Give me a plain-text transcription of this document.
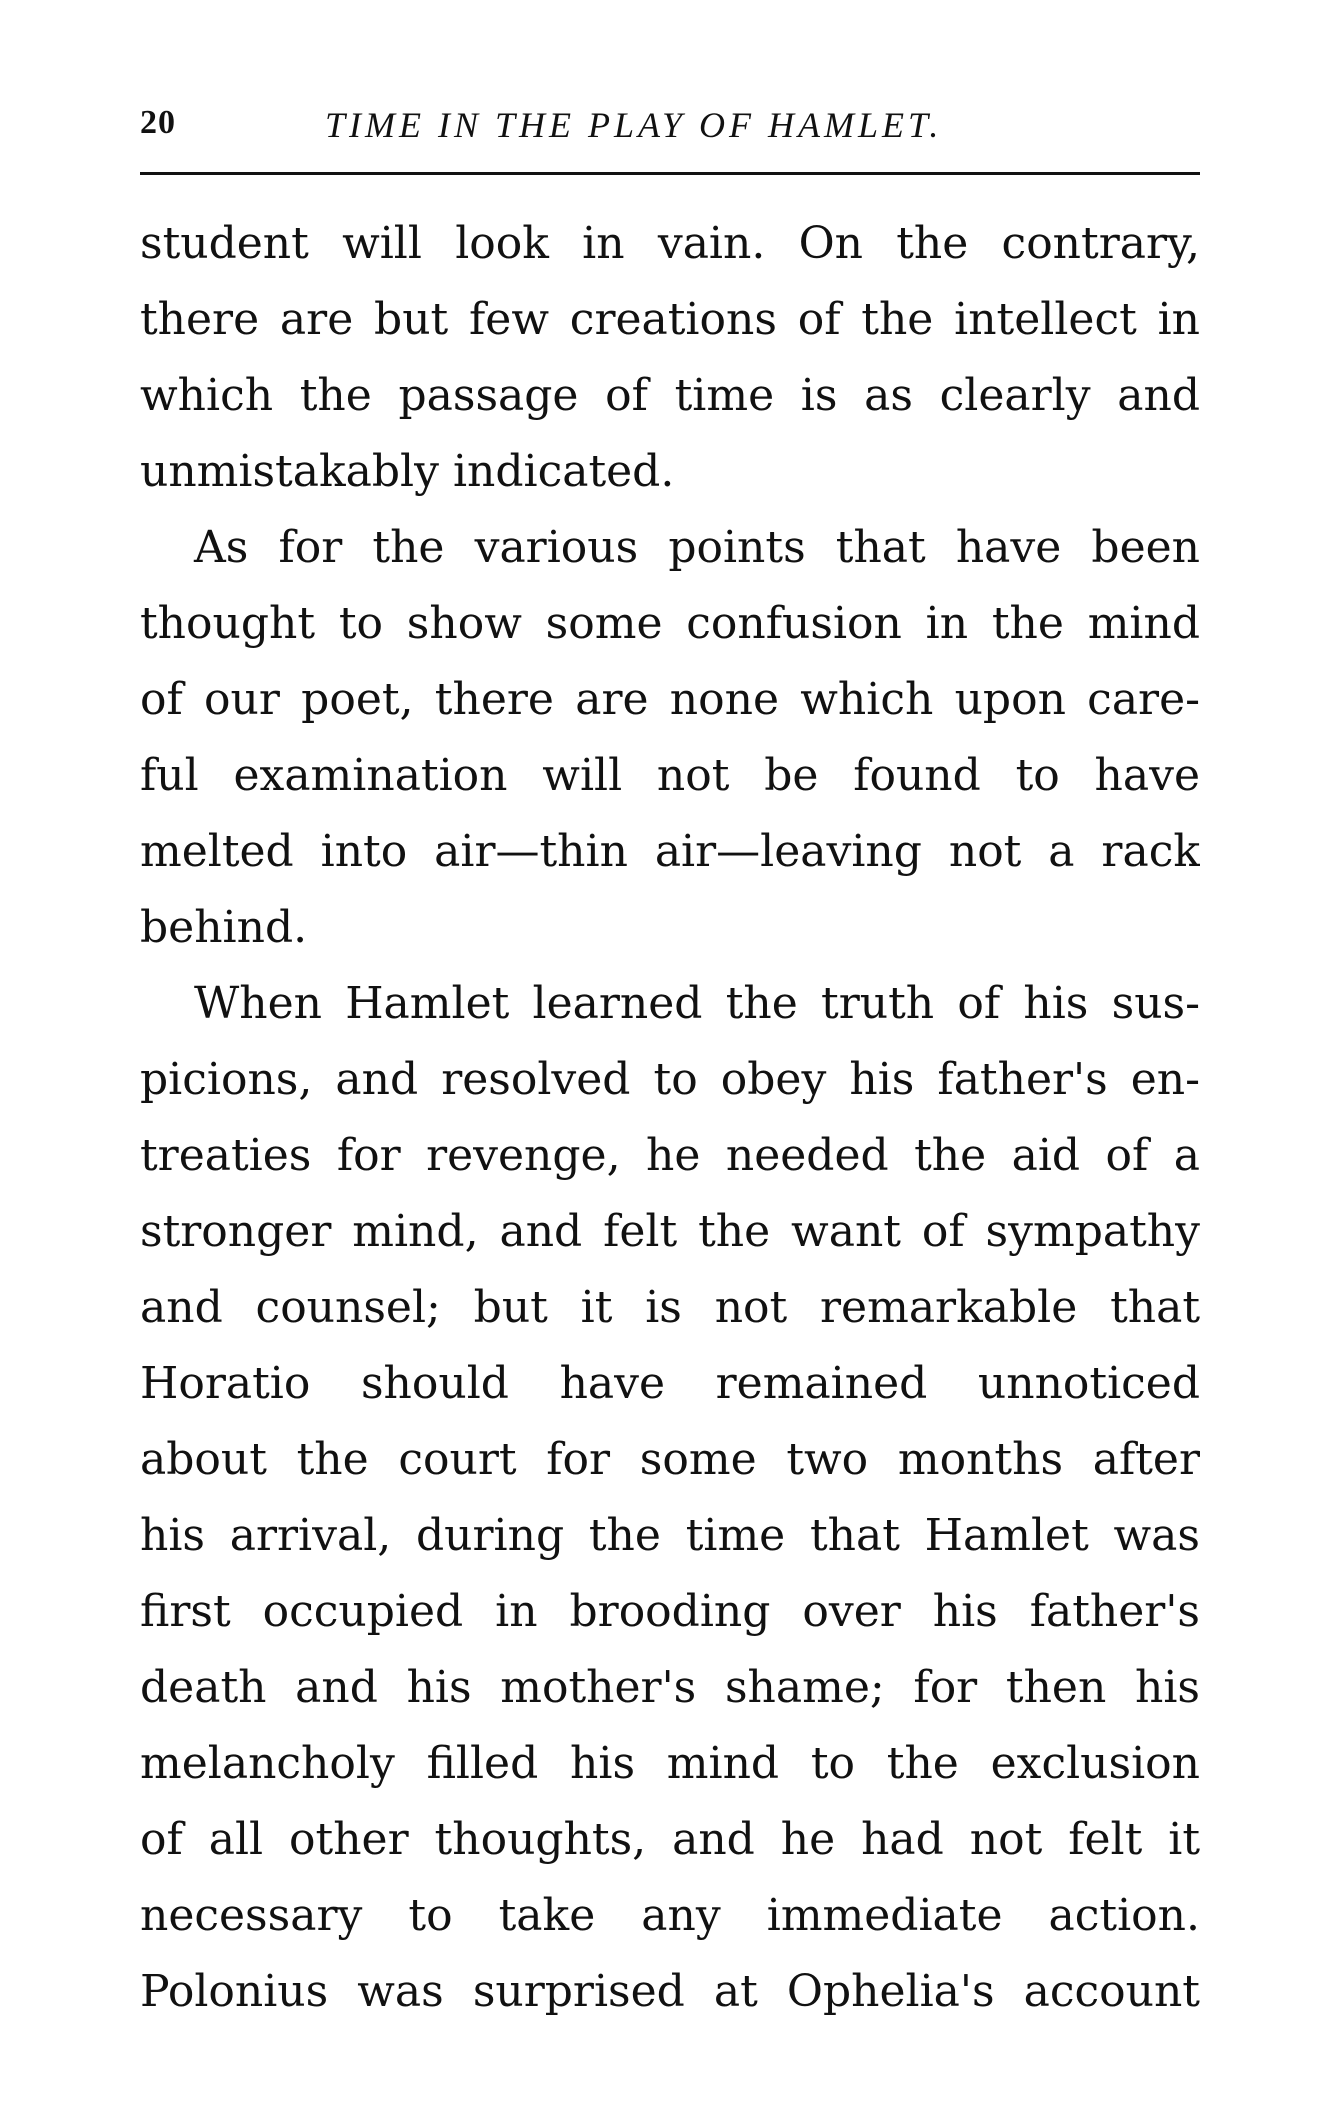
20	TIME IN THE PLAY OF HAMLET.
student will look in vain. On the contrary,
there are but few creations of the intellect in
which the passage of time is as clearly and
unmistakably indicated.
As for the various points that have been
thought to show some confusion in the mind
of our poet, there are none which upon care-
ful examination will not be found to have
melted into air—thin air—leaving not a rack
behind.
When Hamlet learned the truth of his sus-
picions, and resolved to obey his father's en-
treaties for revenge, he needed the aid of a
stronger mind, and felt the want of sympathy
and counsel; but it is not remarkable that
Horatio should have remained unnoticed
about the court for some two months after
his arrival, during the time that Hamlet was
first occupied in brooding over his father's
death and his mother's shame; for then his
melancholy filled his mind to the exclusion
of all other thoughts, and he had not felt it
necessary to take any immediate action.
Polonius was surprised at Ophelia's account
